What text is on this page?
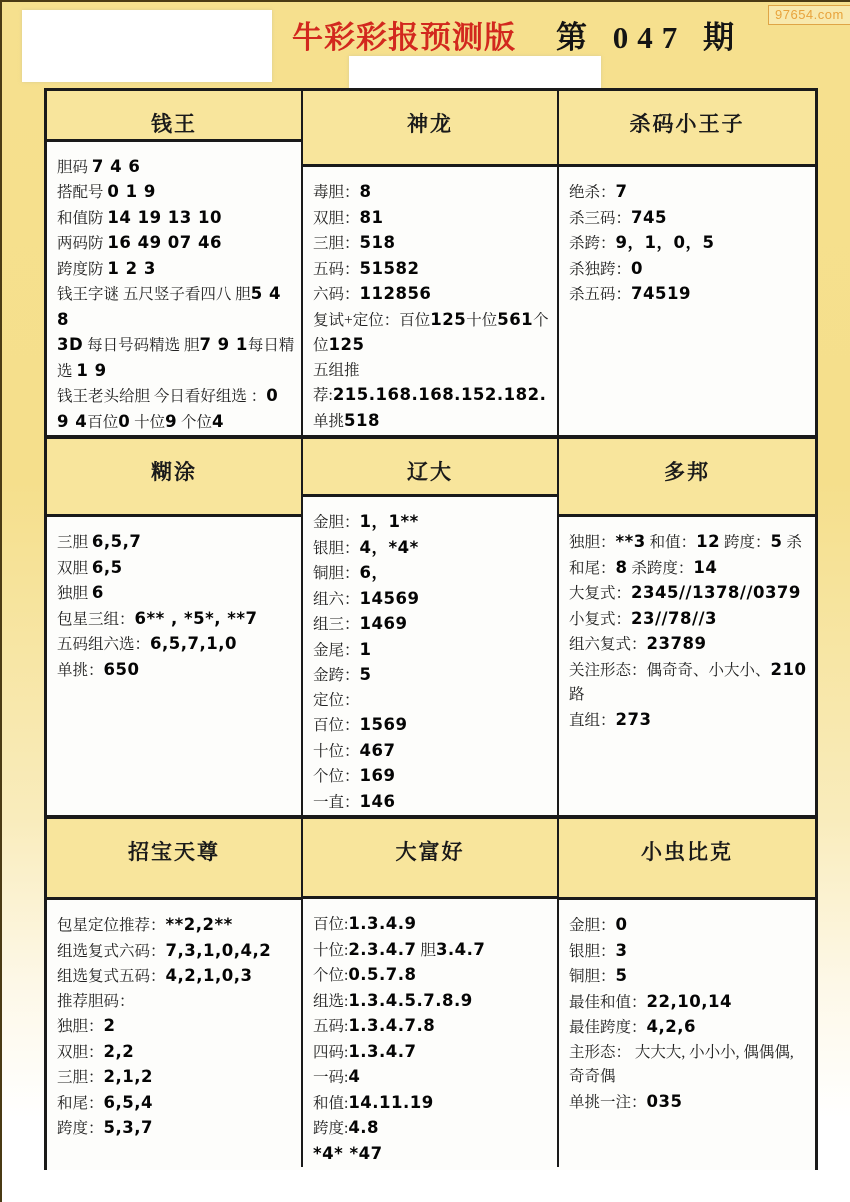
牛彩彩报预测版 第 047 期
97654.com
钱王
胆码 7 4 6
搭配号 0 1 9
和值防 14 19 13 10
两码防 16 49 07 46
跨度防 1 2 3
钱王字谜 五尺竖子看四八 胆5 4 8
3D 每日号码精选 胆7 9 1每日精选 1 9
钱王老头给胆 今日看好组选 ：0 9 4百位0 十位9 个位4
神龙
毒胆：8
双胆：81
三胆：518
五码：51582
六码：112856
复试+定位：百位125十位561个位125
五组推荐:215.168.168.152.182.单挑518
杀码小王子
绝杀：7
杀三码：745
杀跨：9，1，0，5
杀独跨：0
杀五码：74519
糊涂
三胆 6,5,7
双胆 6,5
独胆 6
包星三组：6** , *5*, **7
五码组六选：6,5,7,1,0
单挑：650
辽大
金胆：1，1**
银胆：4，*4*
铜胆：6，
组六：14569
组三：1469
金尾：1
金跨：5
定位：
百位：1569
十位：467
个位：169
一直：146
多邦
独胆：**3 和值：12 跨度：5 杀和尾：8 杀跨度：14
大复式：2345//1378//0379
小复式：23//78//3
组六复式：23789
关注形态：偶奇奇、小大小、210路
直组：273
招宝天尊
包星定位推荐：**2,2**
组选复式六码：7,3,1,0,4,2
组选复式五码：4,2,1,0,3
推荐胆码：
独胆：2
双胆：2,2
三胆：2,1,2
和尾：6,5,4
跨度：5,3,7
大富好
百位:1.3.4.9
十位:2.3.4.7 胆3.4.7
个位:0.5.7.8
组选:1.3.4.5.7.8.9
五码:1.3.4.7.8
四码:1.3.4.7
一码:4
和值:14.11.19
跨度:4.8
*4* *47
小虫比克
金胆：0
银胆：3
铜胆：5
最佳和值：22,10,14
最佳跨度：4,2,6
主形态： 大大大, 小小小, 偶偶偶, 奇奇偶
单挑一注：035
